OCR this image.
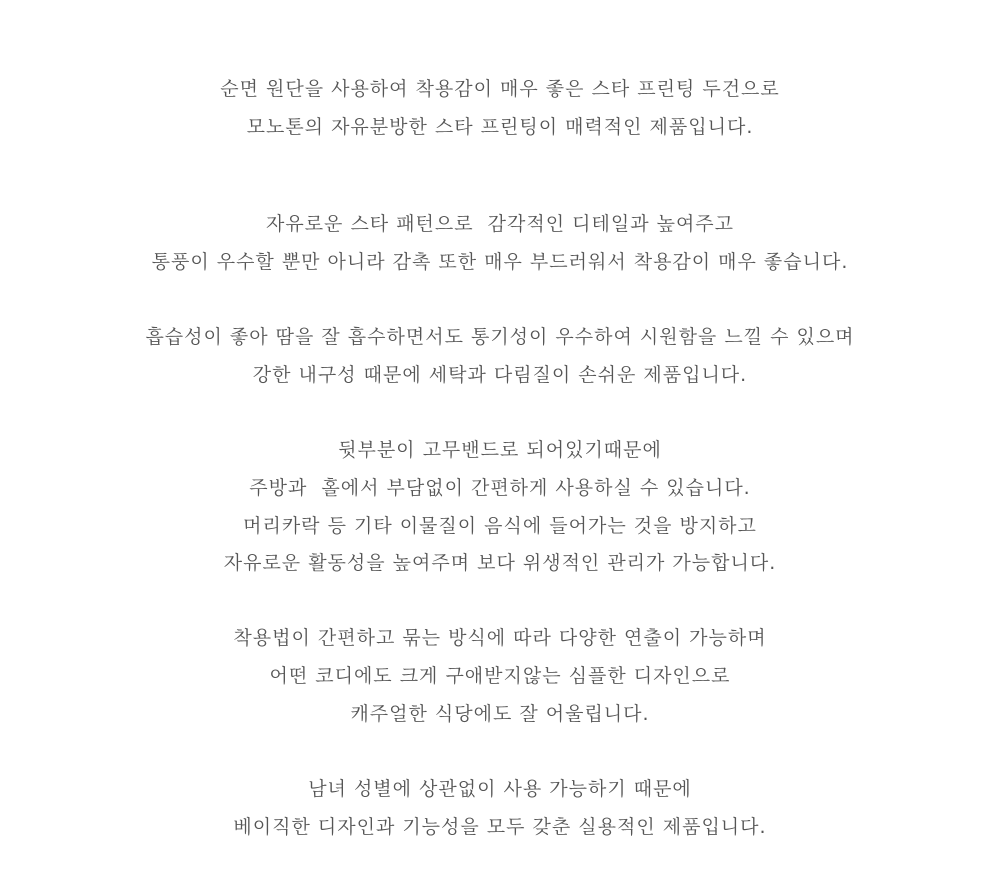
순면 원단을 사용하여 착용감이 매우 좋은 스타 프린팅 두건으로
모노톤의 자유분방한 스타 프린팅이 매력적인 제품입니다.
자유로운 스타 패턴으로  감각적인 디테일과 높여주고
통풍이 우수할 뿐만 아니라 감촉 또한 매우 부드러워서 착용감이 매우 좋습니다.
흡습성이 좋아 땀을 잘 흡수하면서도 통기성이 우수하여 시원함을 느낄 수 있으며
강한 내구성 때문에 세탁과 다림질이 손쉬운 제품입니다.
뒷부분이 고무밴드로 되어있기때문에
주방과  홀에서 부담없이 간편하게 사용하실 수 있습니다.
머리카락 등 기타 이물질이 음식에 들어가는 것을 방지하고
자유로운 활동성을 높여주며 보다 위생적인 관리가 가능합니다.
착용법이 간편하고 묶는 방식에 따라 다양한 연출이 가능하며
어떤 코디에도 크게 구애받지않는 심플한 디자인으로
캐주얼한 식당에도 잘 어울립니다.
남녀 성별에 상관없이 사용 가능하기 때문에
베이직한 디자인과 기능성을 모두 갖춘 실용적인 제품입니다.
